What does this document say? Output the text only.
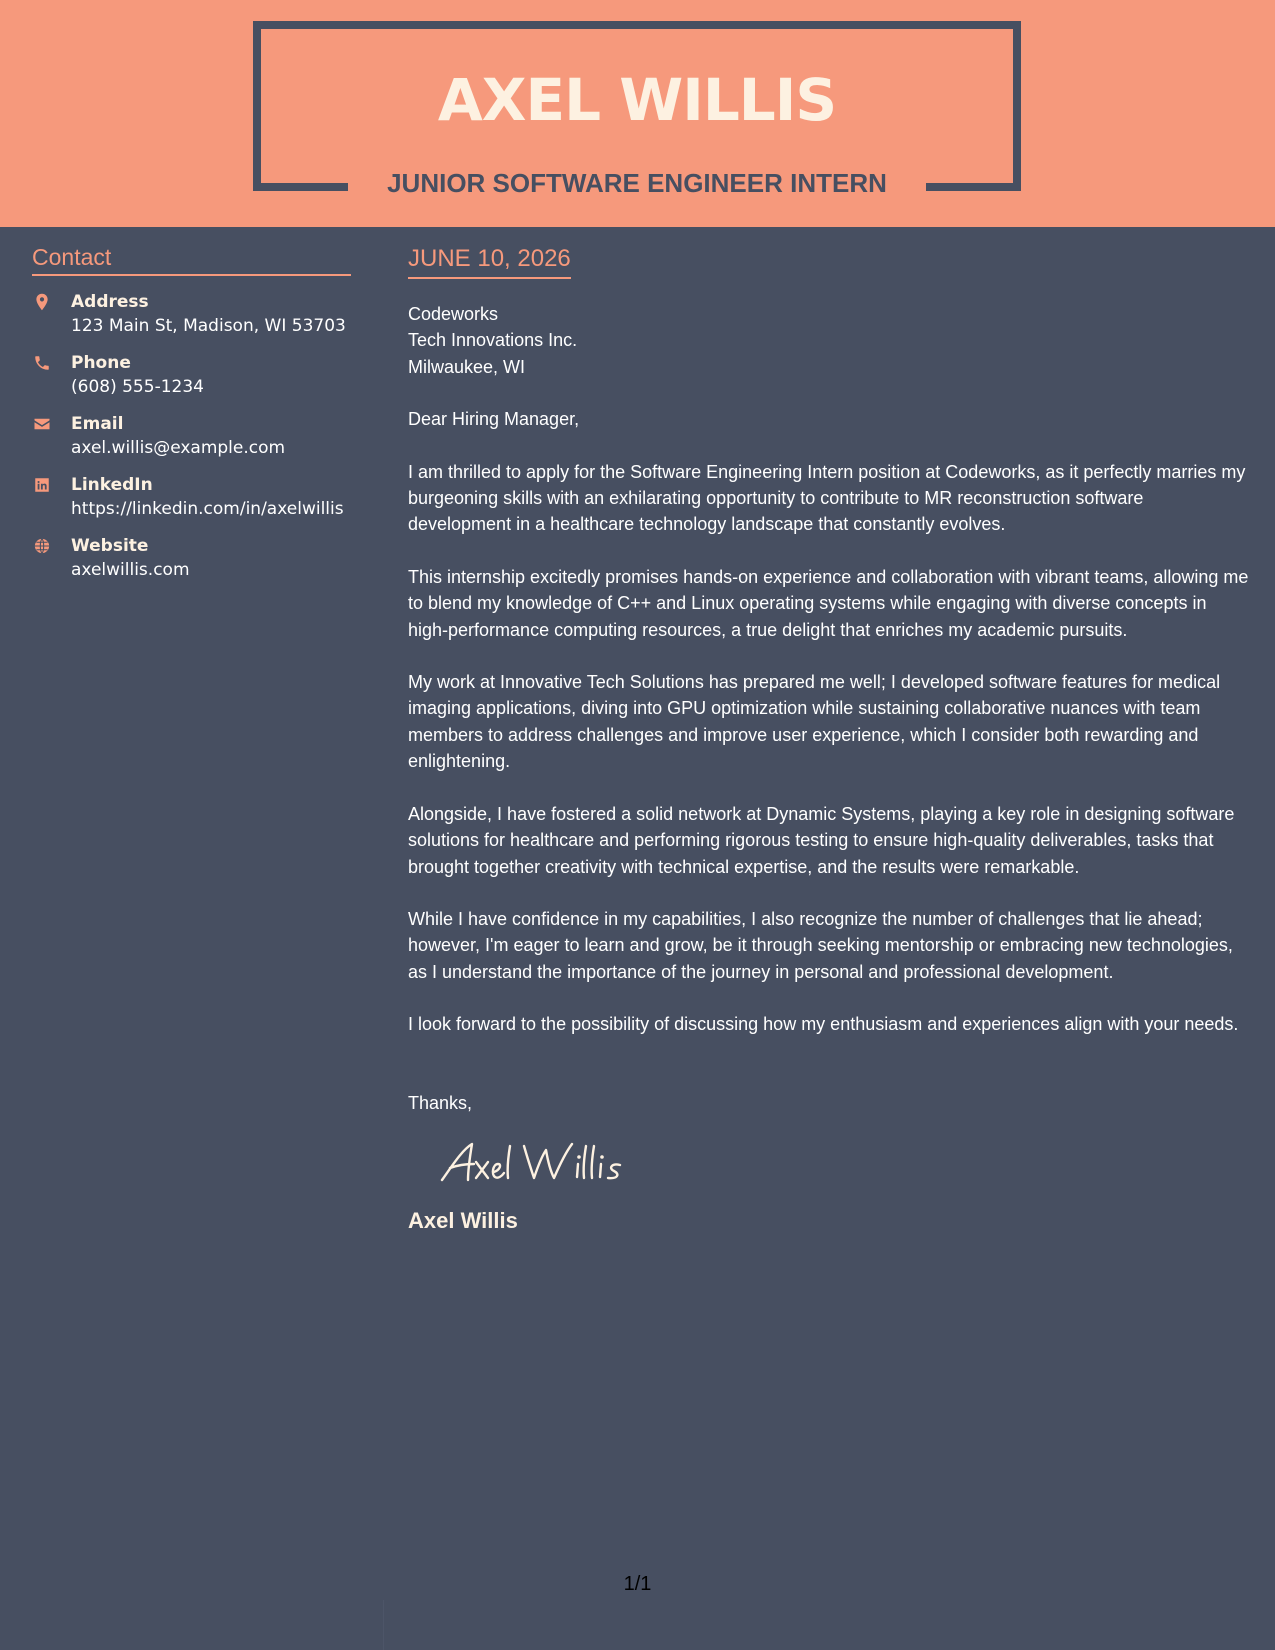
AXEL WILLIS
JUNIOR SOFTWARE ENGINEER INTERN
Contact
Address
123 Main St, Madison, WI 53703
Phone
(608) 555-1234
Email
axel.willis@example.com
LinkedIn
https://linkedin.com/in/axelwillis
Website
axelwillis.com
JUNE 10, 2026
Codeworks
Tech Innovations Inc.
Milwaukee, WI
Dear Hiring Manager,

I am thrilled to apply for the Software Engineering Intern position at Codeworks, as it perfectly marries my burgeoning skills with an exhilarating opportunity to contribute to MR reconstruction software development in a healthcare technology landscape that constantly evolves.

This internship excitedly promises hands-on experience and collaboration with vibrant teams, allowing me to blend my knowledge of C++ and Linux operating systems while engaging with diverse concepts in high-performance computing resources, a true delight that enriches my academic pursuits.

My work at Innovative Tech Solutions has prepared me well; I developed software features for medical imaging applications, diving into GPU optimization while sustaining collaborative nuances with team members to address challenges and improve user experience, which I consider both rewarding and enlightening.

Alongside, I have fostered a solid network at Dynamic Systems, playing a key role in designing software solutions for healthcare and performing rigorous testing to ensure high-quality deliverables, tasks that brought together creativity with technical expertise, and the results were remarkable.

While I have confidence in my capabilities, I also recognize the number of challenges that lie ahead; however, I'm eager to learn and grow, be it through seeking mentorship or embracing new technologies, as I understand the importance of the journey in personal and professional development.

I look forward to the possibility of discussing how my enthusiasm and experiences align with your needs.

Thanks,
Axel Willis
1/1
